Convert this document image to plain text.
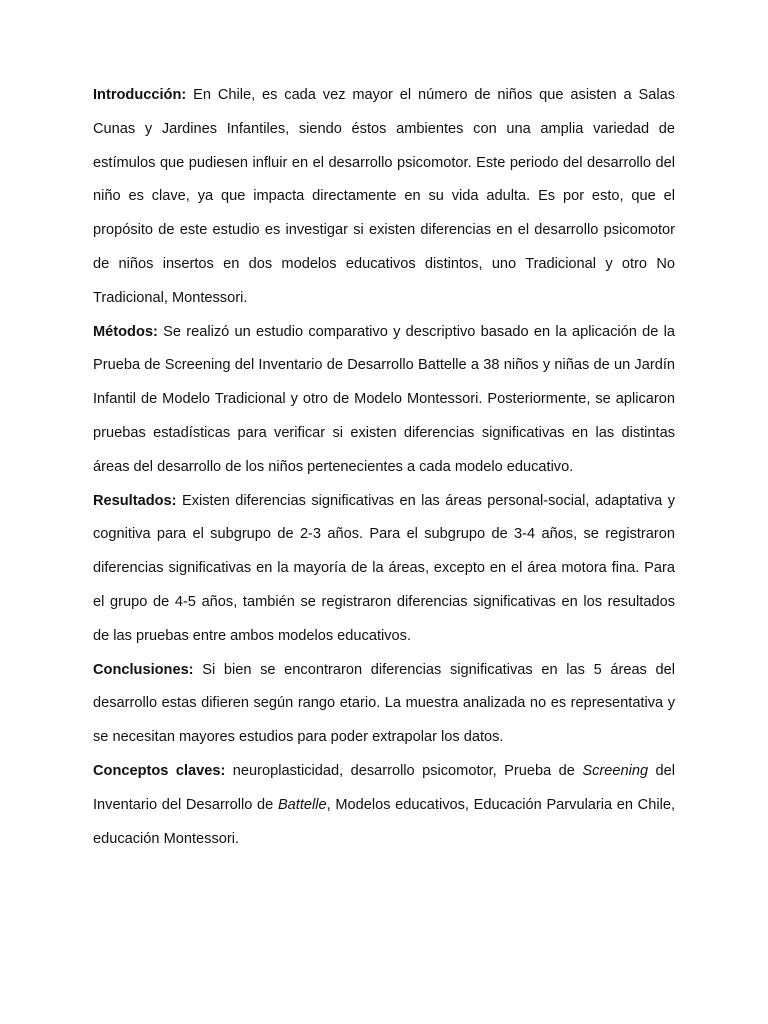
Introducción: En Chile, es cada vez mayor el número de niños que asisten a Salas Cunas y Jardines Infantiles, siendo éstos ambientes con una amplia variedad de estímulos que pudiesen influir en el desarrollo psicomotor. Este periodo del desarrollo del niño es clave, ya que impacta directamente en su vida adulta. Es por esto, que el propósito de este estudio es investigar si existen diferencias en el desarrollo psicomotor de niños insertos en dos modelos educativos distintos, uno Tradicional y otro No Tradicional, Montessori.

Métodos: Se realizó un estudio comparativo y descriptivo basado en la aplicación de la Prueba de Screening del Inventario de Desarrollo Battelle a 38 niños y niñas de un Jardín Infantil de Modelo Tradicional y otro de Modelo Montessori. Posteriormente, se aplicaron pruebas estadísticas para verificar si existen diferencias significativas en las distintas áreas del desarrollo de los niños pertenecientes a cada modelo educativo.

Resultados: Existen diferencias significativas en las áreas personal-social, adaptativa y cognitiva para el subgrupo de 2-3 años. Para el subgrupo de 3-4 años, se registraron diferencias significativas en la mayoría de la áreas, excepto en el área motora fina. Para el grupo de 4-5 años, también se registraron diferencias significativas en los resultados de las pruebas entre ambos modelos educativos.

Conclusiones: Si bien se encontraron diferencias significativas en las 5 áreas del desarrollo estas difieren según rango etario. La muestra analizada no es representativa y se necesitan mayores estudios para poder extrapolar los datos.

Conceptos claves: neuroplasticidad, desarrollo psicomotor, Prueba de Screening del Inventario del Desarrollo de Battelle, Modelos educativos, Educación Parvularia en Chile, educación Montessori.
